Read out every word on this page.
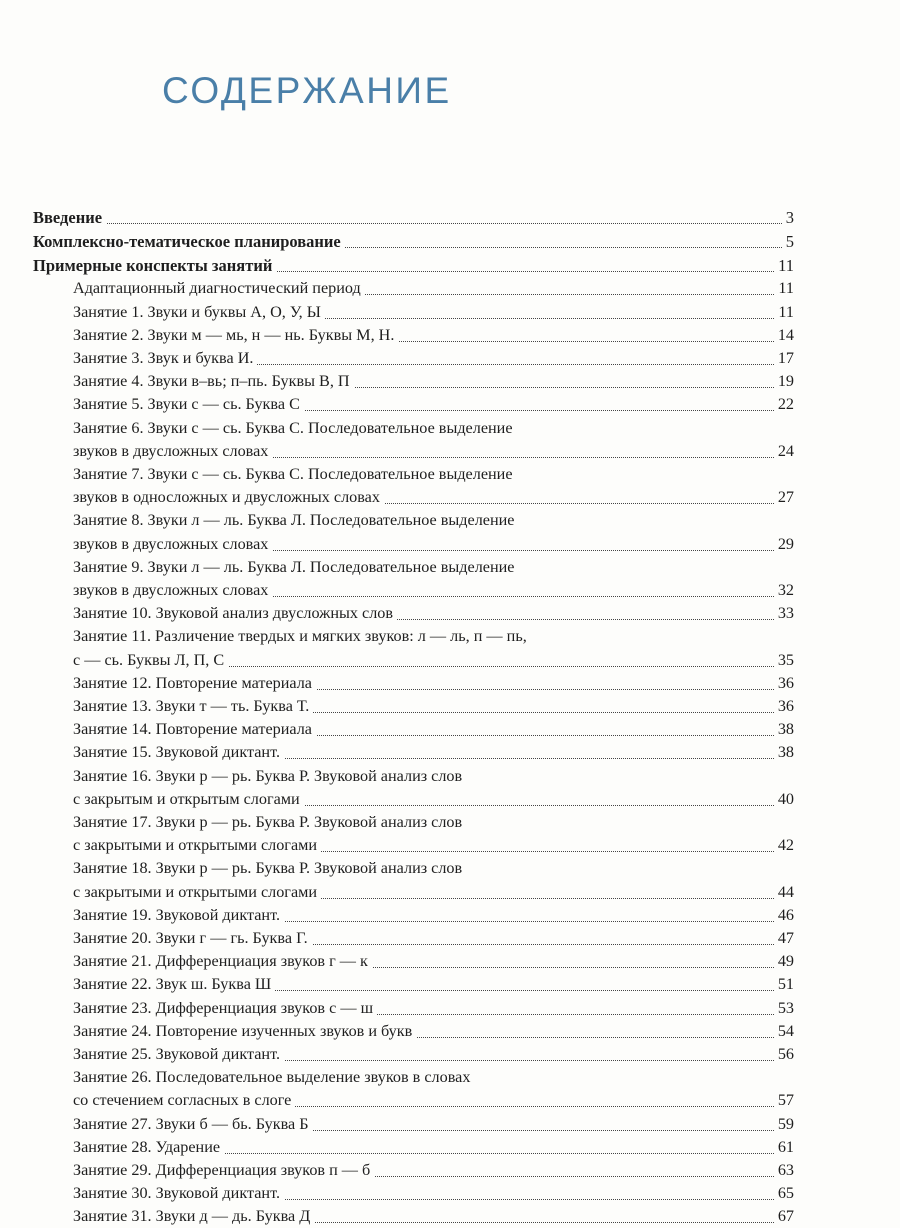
СОДЕРЖАНИЕ
Введение	3
Комплексно-тематическое планирование	5
Примерные конспекты занятий	11
Адаптационный диагностический период	11
Занятие 1. Звуки и буквы А, О, У, Ы	11
Занятие 2. Звуки м — мь, н — нь. Буквы М, Н.	14
Занятие 3. Звук и буква И.	17
Занятие 4. Звуки в–вь; п–пь. Буквы В, П	19
Занятие 5. Звуки с — сь. Буква С	22
Занятие 6. Звуки с — сь. Буква С. Последовательное выделение
звуков в двусложных словах	24
Занятие 7. Звуки с — сь. Буква С. Последовательное выделение
звуков в односложных и двусложных словах	27
Занятие 8. Звуки л — ль. Буква Л. Последовательное выделение
звуков в двусложных словах	29
Занятие 9. Звуки л — ль. Буква Л. Последовательное выделение
звуков в двусложных словах	32
Занятие 10. Звуковой анализ двусложных слов	33
Занятие 11. Различение твердых и мягких звуков: л — ль, п — пь,
с — сь. Буквы Л, П, С	35
Занятие 12. Повторение материала	36
Занятие 13. Звуки т — ть. Буква Т.	36
Занятие 14. Повторение материала	38
Занятие 15. Звуковой диктант.	38
Занятие 16. Звуки р — рь. Буква Р. Звуковой анализ слов
с закрытым и открытым слогами	40
Занятие 17. Звуки р — рь. Буква Р. Звуковой анализ слов
с закрытыми и открытыми слогами	42
Занятие 18. Звуки р — рь. Буква Р. Звуковой анализ слов
с закрытыми и открытыми слогами	44
Занятие 19. Звуковой диктант.	46
Занятие 20. Звуки г — гь. Буква Г.	47
Занятие 21. Дифференциация звуков г — к	49
Занятие 22. Звук ш. Буква Ш	51
Занятие 23. Дифференциация звуков с — ш	53
Занятие 24. Повторение изученных звуков и букв	54
Занятие 25. Звуковой диктант.	56
Занятие 26. Последовательное выделение звуков в словах
со стечением согласных в слоге	57
Занятие 27. Звуки б — бь. Буква Б	59
Занятие 28. Ударение	61
Занятие 29. Дифференциация звуков п — б	63
Занятие 30. Звуковой диктант.	65
Занятие 31. Звуки д — дь. Буква Д	67
